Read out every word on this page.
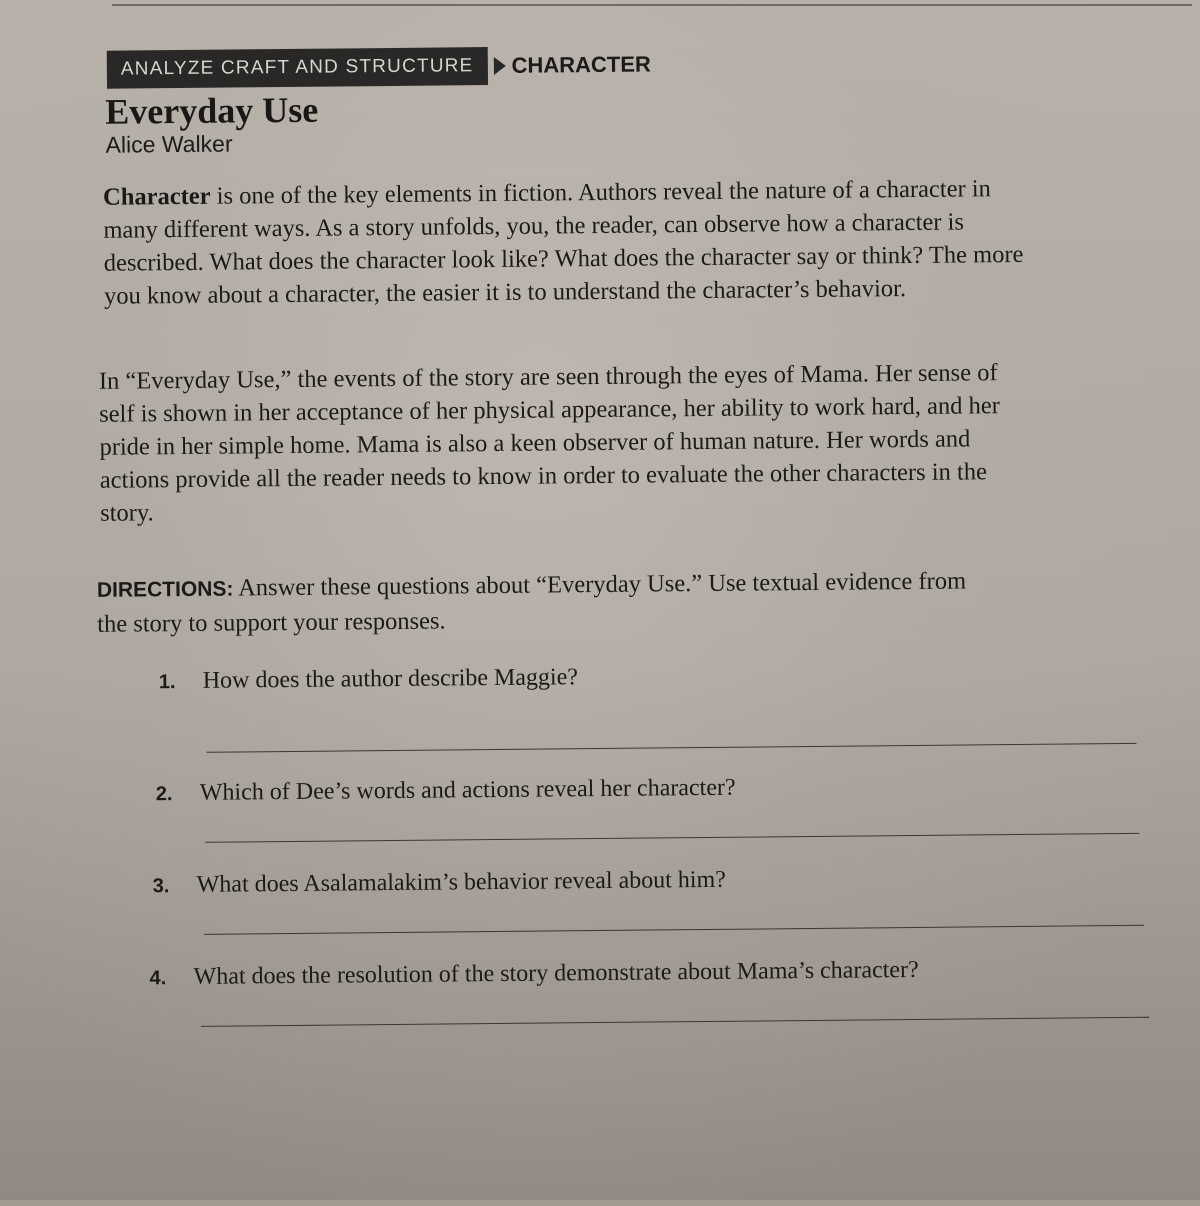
ANALYZE CRAFT AND STRUCTURE	CHARACTER
Everyday Use
Alice Walker
Character is one of the key elements in fiction. Authors reveal the nature of a character in many different ways. As a story unfolds, you, the reader, can observe how a character is described. What does the character look like? What does the character say or think? The more you know about a character, the easier it is to understand the character’s behavior.
In “Everyday Use,” the events of the story are seen through the eyes of Mama. Her sense of self is shown in her acceptance of her physical appearance, her ability to work hard, and her pride in her simple home. Mama is also a keen observer of human nature. Her words and actions provide all the reader needs to know in order to evaluate the other characters in the story.
DIRECTIONS: Answer these questions about “Everyday Use.” Use textual evidence from the story to support your responses.
1.	How does the author describe Maggie?
2.	Which of Dee’s words and actions reveal her character?
3.	What does Asalamalakim’s behavior reveal about him?
4.	What does the resolution of the story demonstrate about Mama’s character?
